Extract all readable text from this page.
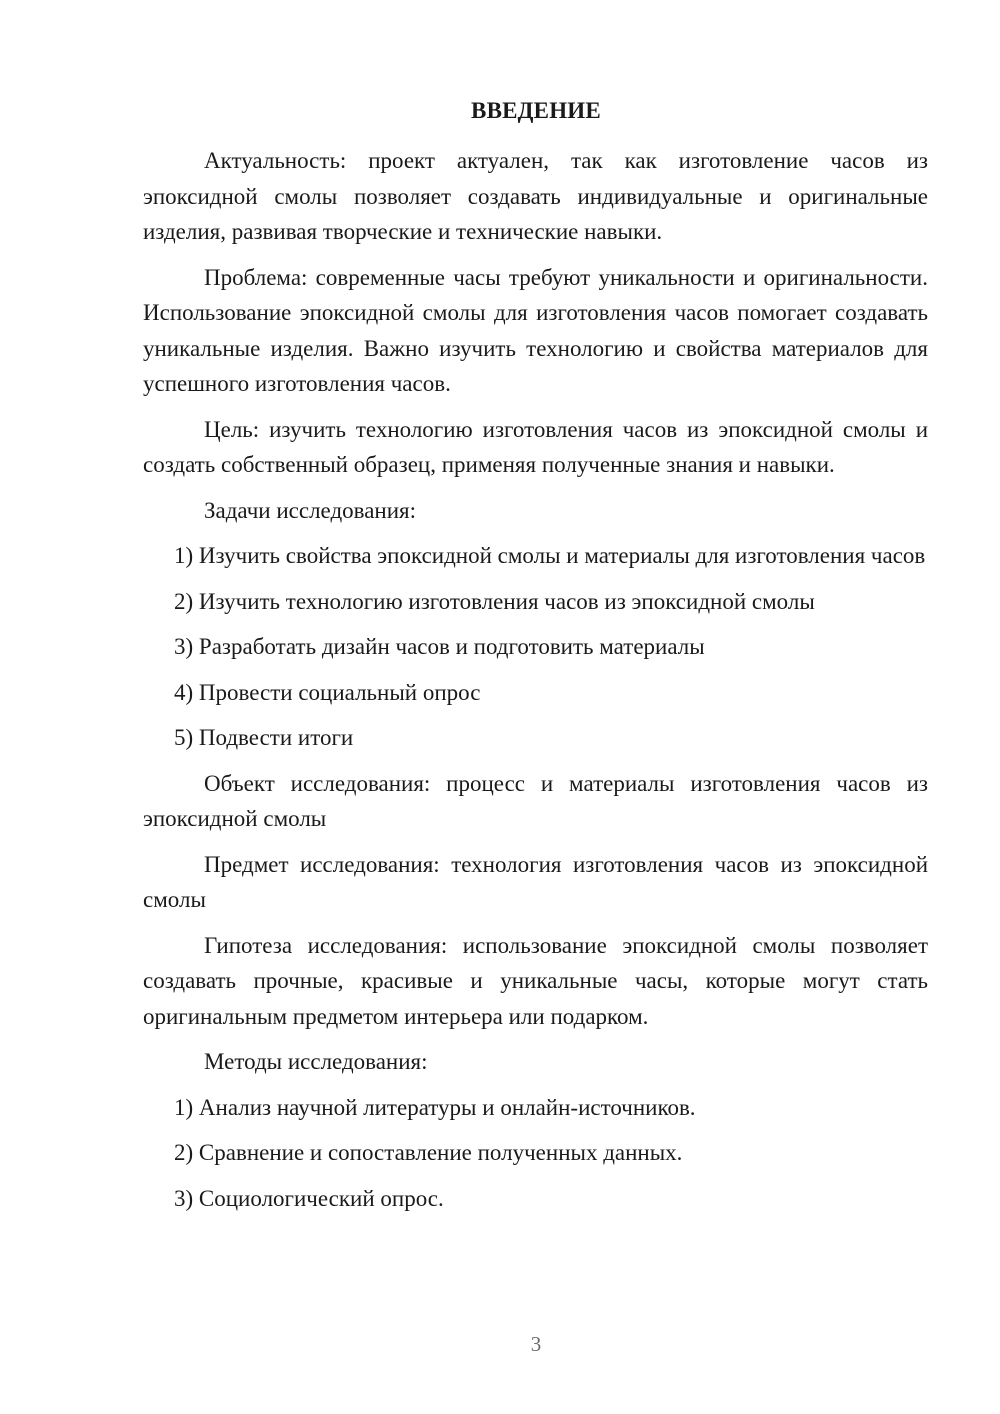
ВВЕДЕНИЕ

Актуальность: проект актуален, так как изготовление часов из эпоксидной смолы позволяет создавать индивидуальные и оригинальные изделия, развивая творческие и технические навыки.

Проблема: современные часы требуют уникальности и оригинальности. Использование эпоксидной смолы для изготовления часов помогает создавать уникальные изделия. Важно изучить технологию и свойства материалов для успешного изготовления часов.

Цель: изучить технологию изготовления часов из эпоксидной смолы и создать собственный образец, применяя полученные знания и навыки.

Задачи исследования:

1) Изучить свойства эпоксидной смолы и материалы для изготовления часов

2) Изучить технологию изготовления часов из эпоксидной смолы

3) Разработать дизайн часов и подготовить материалы

4) Провести социальный опрос

5) Подвести итоги

Объект исследования: процесс и материалы изготовления часов из эпоксидной смолы

Предмет исследования: технология изготовления часов из эпоксидной смолы

Гипотеза исследования: использование эпоксидной смолы позволяет создавать прочные, красивые и уникальные часы, которые могут стать оригинальным предметом интерьера или подарком.

Методы исследования:

1) Анализ научной литературы и онлайн-источников.

2) Сравнение и сопоставление полученных данных.

3) Социологический опрос.

3
